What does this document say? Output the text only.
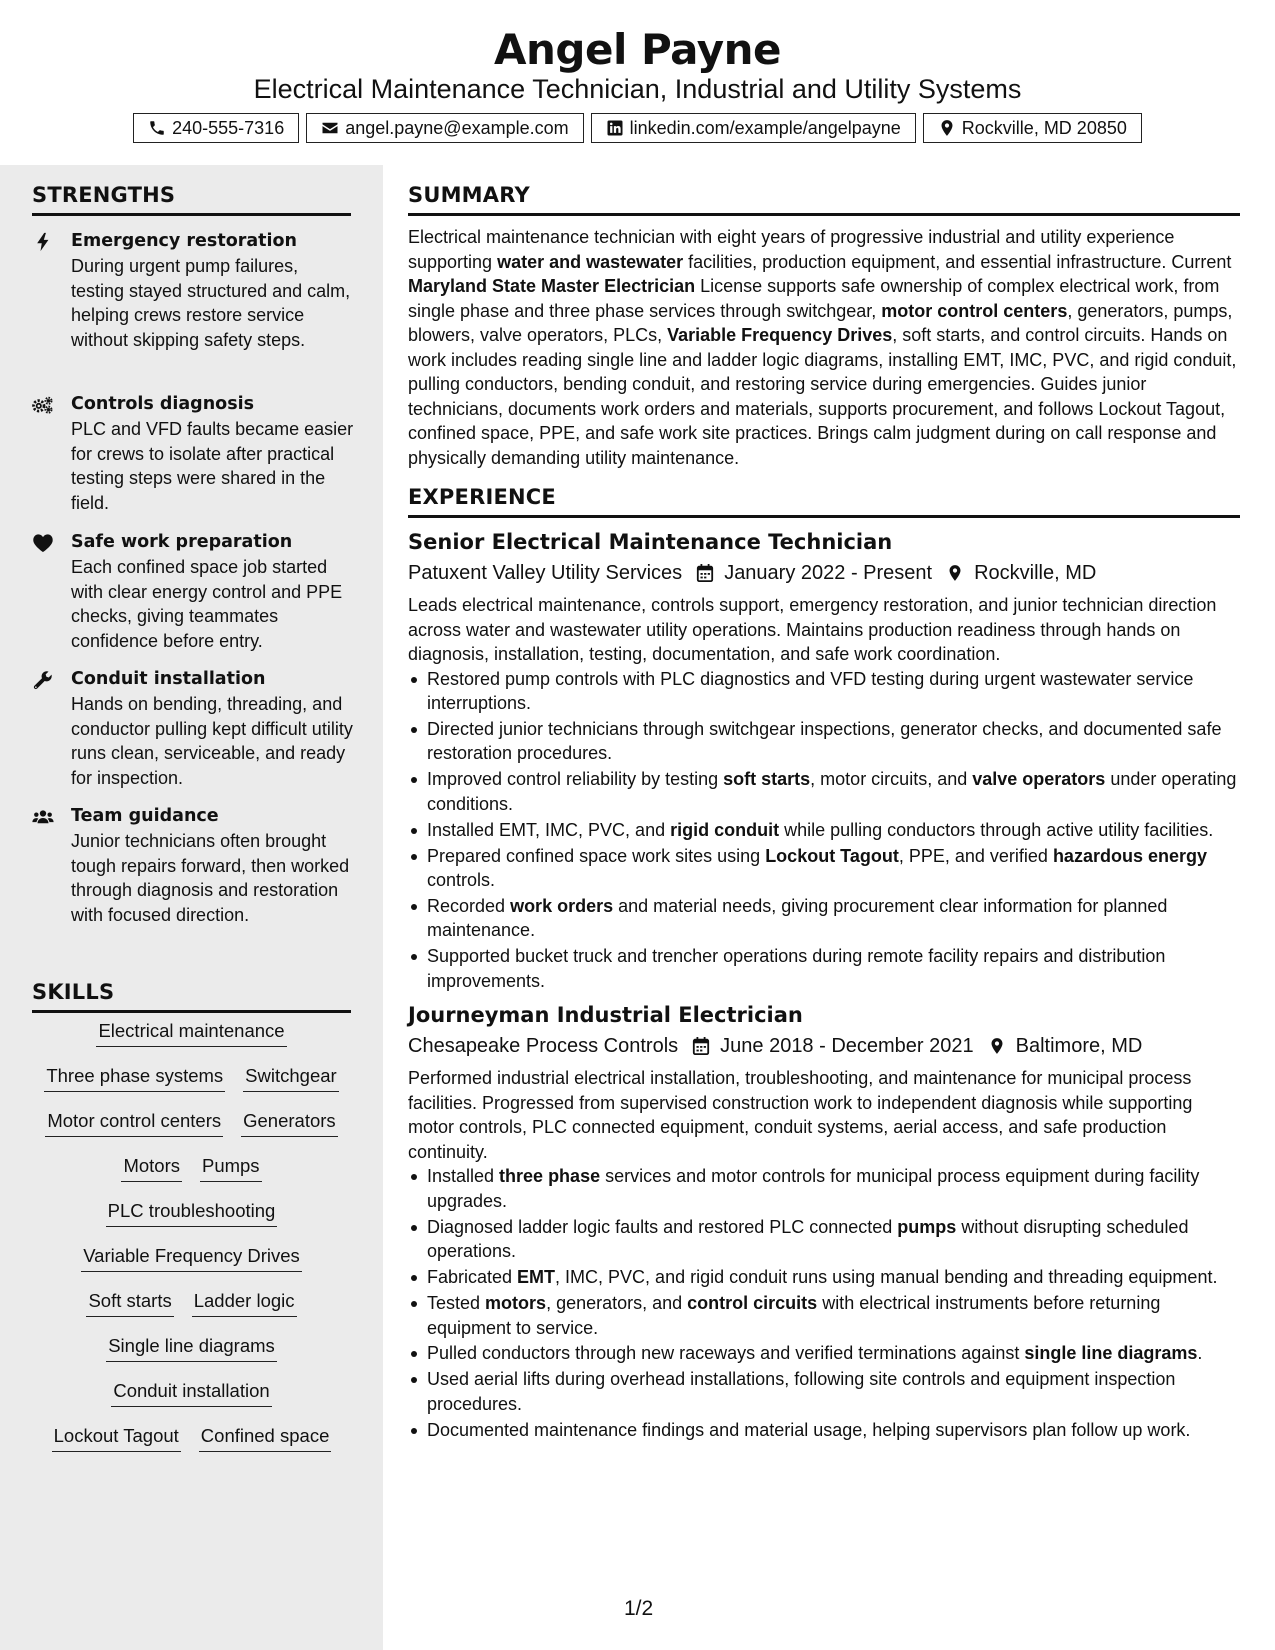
Angel Payne
Electrical Maintenance Technician, Industrial and Utility Systems
240-555-7316	angel.payne@example.com	linkedin.com/example/angelpayne	Rockville, MD 20850
STRENGTHS
Emergency restoration
During urgent pump failures, testing stayed structured and calm, helping crews restore service without skipping safety steps.
Controls diagnosis
PLC and VFD faults became easier for crews to isolate after practical testing steps were shared in the field.
Safe work preparation
Each confined space job started with clear energy control and PPE checks, giving teammates confidence before entry.
Conduit installation
Hands on bending, threading, and conductor pulling kept difficult utility runs clean, serviceable, and ready for inspection.
Team guidance
Junior technicians often brought tough repairs forward, then worked through diagnosis and restoration with focused direction.
SKILLS
Electrical maintenance
Three phase systems Switchgear
Motor control centers Generators
Motors Pumps
PLC troubleshooting
Variable Frequency Drives
Soft starts Ladder logic
Single line diagrams
Conduit installation
Lockout Tagout Confined space
SUMMARY
Electrical maintenance technician with eight years of progressive industrial and utility experience supporting water and wastewater facilities, production equipment, and essential infrastructure. Current Maryland State Master Electrician License supports safe ownership of complex electrical work, from single phase and three phase services through switchgear, motor control centers, generators, pumps, blowers, valve operators, PLCs, Variable Frequency Drives, soft starts, and control circuits. Hands on work includes reading single line and ladder logic diagrams, installing EMT, IMC, PVC, and rigid conduit, pulling conductors, bending conduit, and restoring service during emergencies. Guides junior technicians, documents work orders and materials, supports procurement, and follows Lockout Tagout, confined space, PPE, and safe work site practices. Brings calm judgment during on call response and physically demanding utility maintenance.
EXPERIENCE
Senior Electrical Maintenance Technician
Patuxent Valley Utility Services January 2022 - Present Rockville, MD
Leads electrical maintenance, controls support, emergency restoration, and junior technician direction across water and wastewater utility operations. Maintains production readiness through hands on diagnosis, installation, testing, documentation, and safe work coordination.
Restored pump controls with PLC diagnostics and VFD testing during urgent wastewater service interruptions.
Directed junior technicians through switchgear inspections, generator checks, and documented safe restoration procedures.
Improved control reliability by testing soft starts, motor circuits, and valve operators under operating conditions.
Installed EMT, IMC, PVC, and rigid conduit while pulling conductors through active utility facilities.
Prepared confined space work sites using Lockout Tagout, PPE, and verified hazardous energy controls.
Recorded work orders and material needs, giving procurement clear information for planned maintenance.
Supported bucket truck and trencher operations during remote facility repairs and distribution improvements.
Journeyman Industrial Electrician
Chesapeake Process Controls June 2018 - December 2021 Baltimore, MD
Performed industrial electrical installation, troubleshooting, and maintenance for municipal process facilities. Progressed from supervised construction work to independent diagnosis while supporting motor controls, PLC connected equipment, conduit systems, aerial access, and safe production continuity.
Installed three phase services and motor controls for municipal process equipment during facility upgrades.
Diagnosed ladder logic faults and restored PLC connected pumps without disrupting scheduled operations.
Fabricated EMT, IMC, PVC, and rigid conduit runs using manual bending and threading equipment.
Tested motors, generators, and control circuits with electrical instruments before returning equipment to service.
Pulled conductors through new raceways and verified terminations against single line diagrams.
Used aerial lifts during overhead installations, following site controls and equipment inspection procedures.
Documented maintenance findings and material usage, helping supervisors plan follow up work.
1/2
